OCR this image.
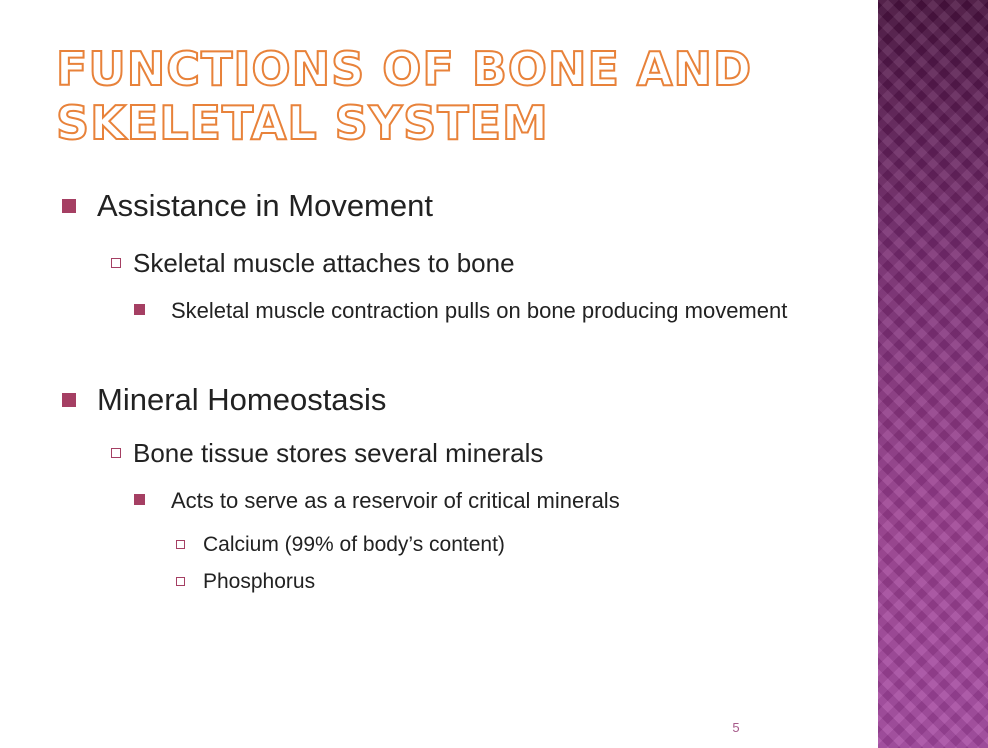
FUNCTIONS OF BONE AND SKELETAL SYSTEM
Assistance in Movement
Skeletal muscle attaches to bone
Skeletal muscle contraction pulls on bone producing movement
Mineral Homeostasis
Bone tissue stores several minerals
Acts to serve as a reservoir of critical minerals
Calcium (99% of body’s content)
Phosphorus
5
